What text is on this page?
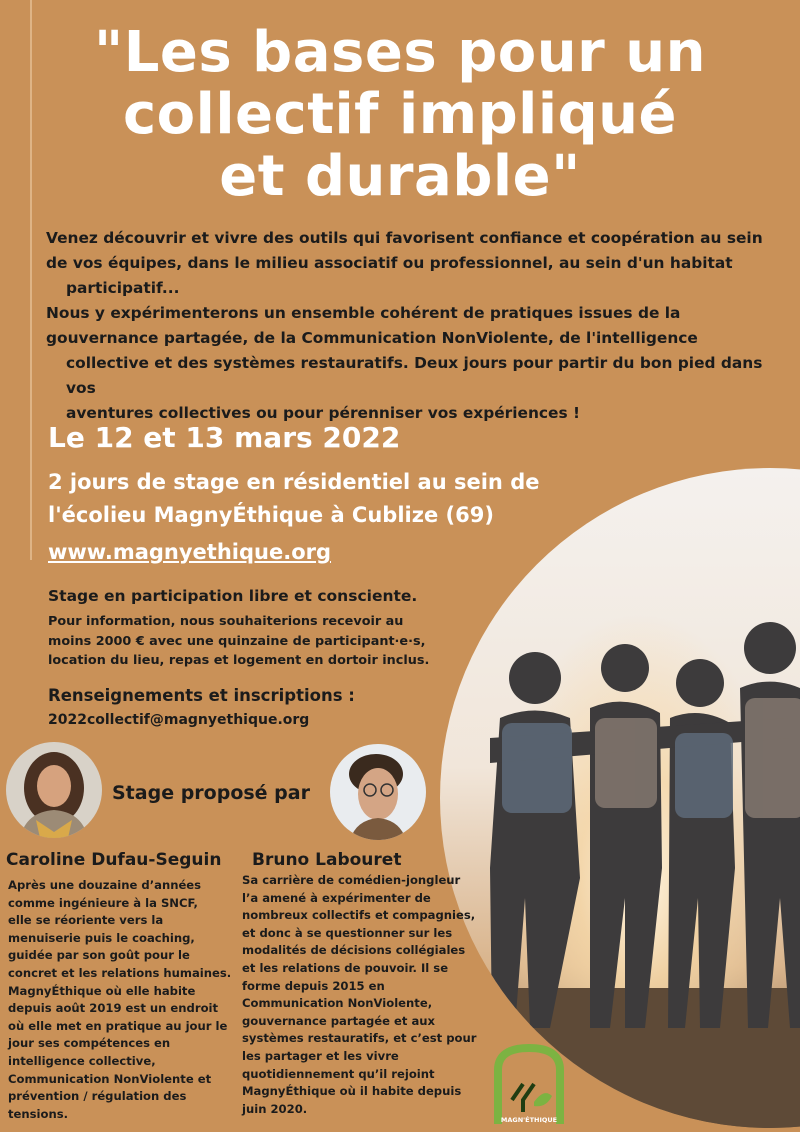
"Les bases pour un
collectif impliqué
et durable"

Venez découvrir et vivre des outils qui favorisent confiance et coopération au sein

de vos équipes, dans le milieu associatif ou professionnel, au sein d'un habitat

participatif...

Nous y expérimenterons un ensemble cohérent de pratiques issues de la

gouvernance partagée, de la Communication NonViolente, de l'intelligence

collective et des systèmes restauratifs. Deux jours pour partir du bon pied dans vos

aventures collectives ou pour pérenniser vos expériences !

Le 12 et 13 mars 2022
2 jours de stage en résidentiel au sein de
l'écolieu MagnyÉthique à Cublize (69)
www.magnyethique.org
Stage en participation libre et consciente.
Pour information, nous souhaiterions recevoir au
moins 2000 € avec une quinzaine de participant·e·s,
location du lieu, repas et logement en dortoir inclus.
Renseignements et inscriptions :
2022collectif@magnyethique.org
Stage proposé par
Caroline Dufau-Seguin Bruno Labouret
Après une douzaine d’années
comme ingénieure à la SNCF,
elle se réoriente vers la
menuiserie puis le coaching,
guidée par son goût pour le
concret et les relations humaines.
MagnyÉthique où elle habite
depuis août 2019 est un endroit
où elle met en pratique au jour le
jour ses compétences en
intelligence collective,
Communication NonViolente et
prévention / régulation des
tensions.
Sa carrière de comédien-jongleur
l’a amené à expérimenter de
nombreux collectifs et compagnies,
et donc à se questionner sur les
modalités de décisions collégiales
et les relations de pouvoir. Il se
forme depuis 2015 en
Communication NonViolente,
gouvernance partagée et aux
systèmes restauratifs, et c’est pour
les partager et les vivre
quotidiennement qu’il rejoint
MagnyÉthique où il habite depuis
juin 2020.
MAGN'ÉTHIQUE
